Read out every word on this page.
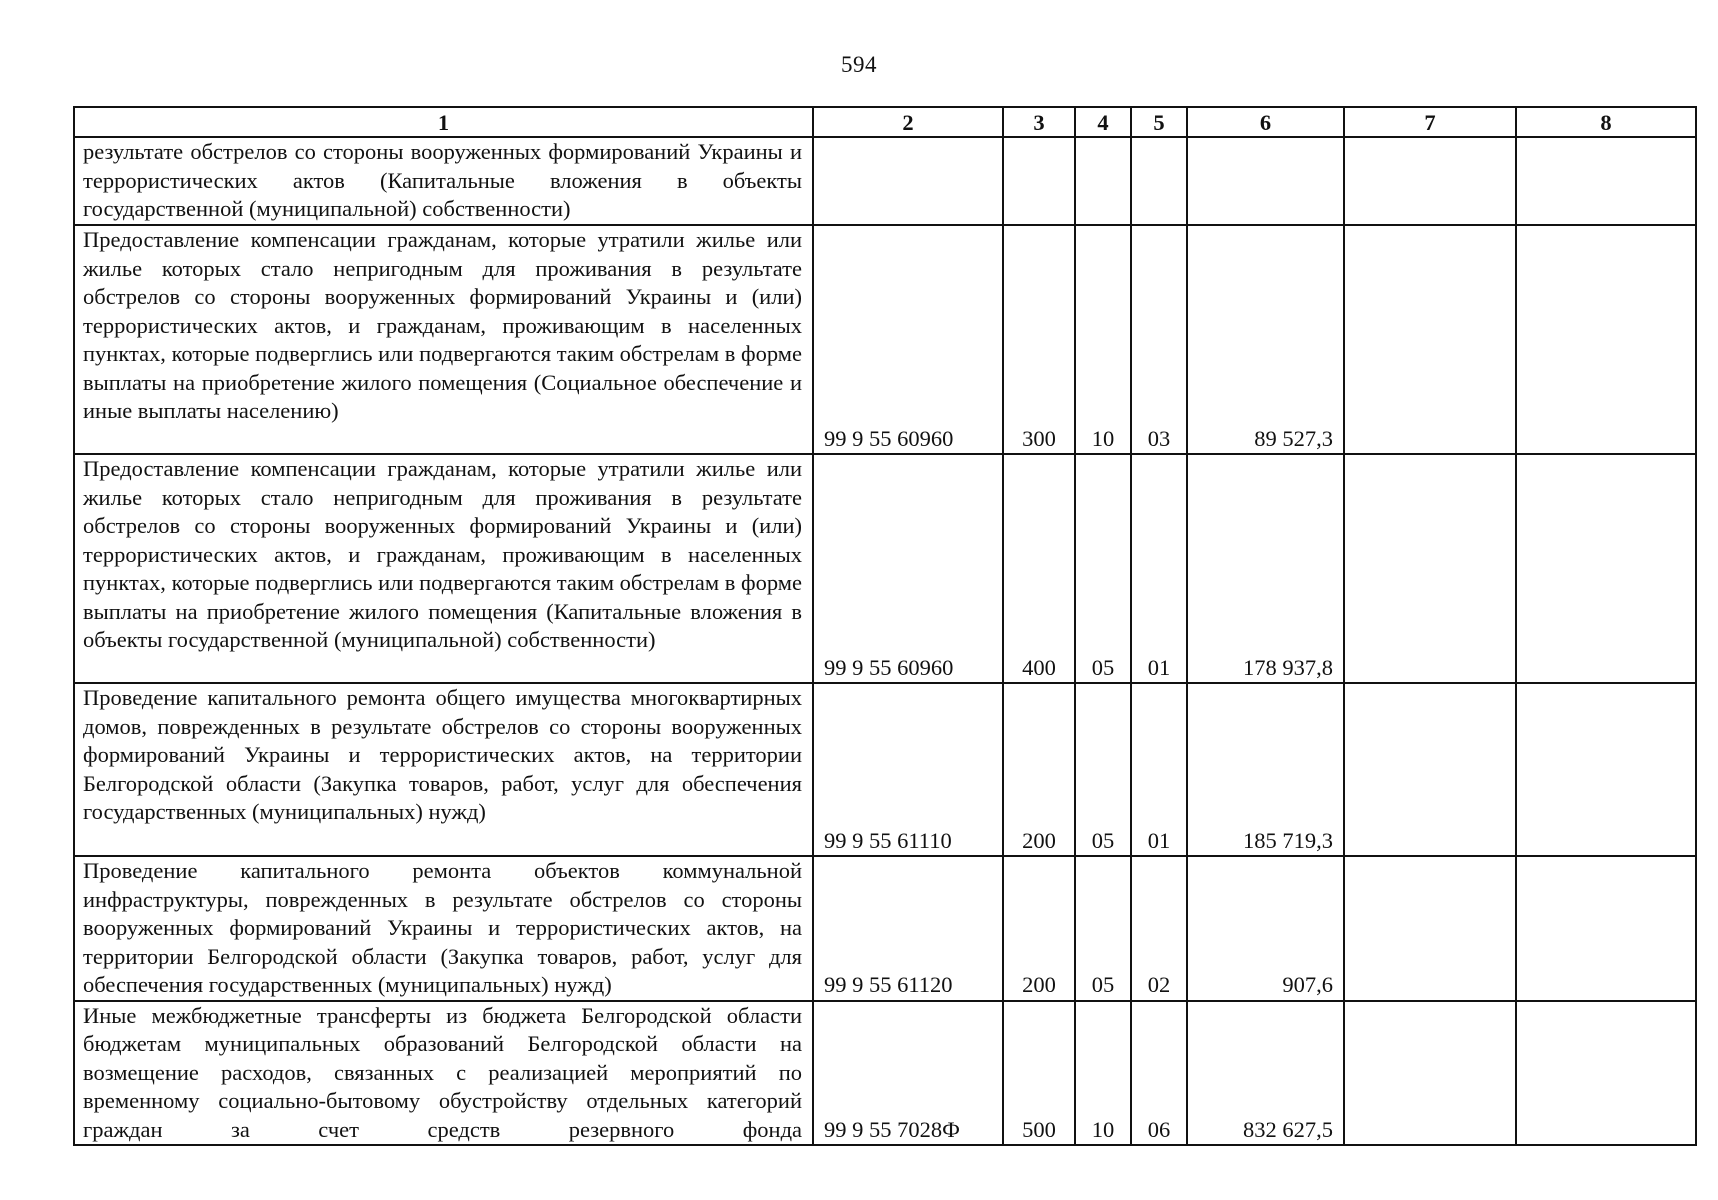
594
1	2	3	4	5	6	7	8
результате обстрелов со стороны вооруженных формирований Украины и террористических актов (Капитальные вложения в объекты государственной (муниципальной) собственности)							
Предоставление компенсации гражданам, которые утратили жилье или жилье которых стало непригодным для проживания в результате обстрелов со стороны вооруженных формирований Украины и (или) террористических актов, и гражданам, проживающим в населенных пунктах, которые подверглись или подвергаются таким обстрелам в форме выплаты на приобретение жилого помещения (Социальное обеспечение и иные выплаты населению)	99 9 55 60960	300	10	03	89 527,3		
Предоставление компенсации гражданам, которые утратили жилье или жилье которых стало непригодным для проживания в результате обстрелов со стороны вооруженных формирований Украины и (или) террористических актов, и гражданам, проживающим в населенных пунктах, которые подверглись или подвергаются таким обстрелам в форме выплаты на приобретение жилого помещения (Капитальные вложения в объекты государственной (муниципальной) собственности)	99 9 55 60960	400	05	01	178 937,8		
Проведение капитального ремонта общего имущества многоквартирных домов, поврежденных в результате обстрелов со стороны вооруженных формирований Украины и террористических актов, на территории Белгородской области (Закупка товаров, работ, услуг для обеспечения государственных (муниципальных) нужд)	99 9 55 61110	200	05	01	185 719,3		
Проведение капитального ремонта объектов коммунальной инфраструктуры, поврежденных в результате обстрелов со стороны вооруженных формирований Украины и террористических актов, на территории Белгородской области (Закупка товаров, работ, услуг для обеспечения государственных (муниципальных) нужд)	99 9 55 61120	200	05	02	907,6		
Иные межбюджетные трансферты из бюджета Белгородской области бюджетам муниципальных образований Белгородской области на возмещение расходов, связанных с реализацией мероприятий по временному социально-бытовому обустройству отдельных категорий граждан за счет средств резервного фонда	99 9 55 7028Ф	500	10	06	832 627,5		
